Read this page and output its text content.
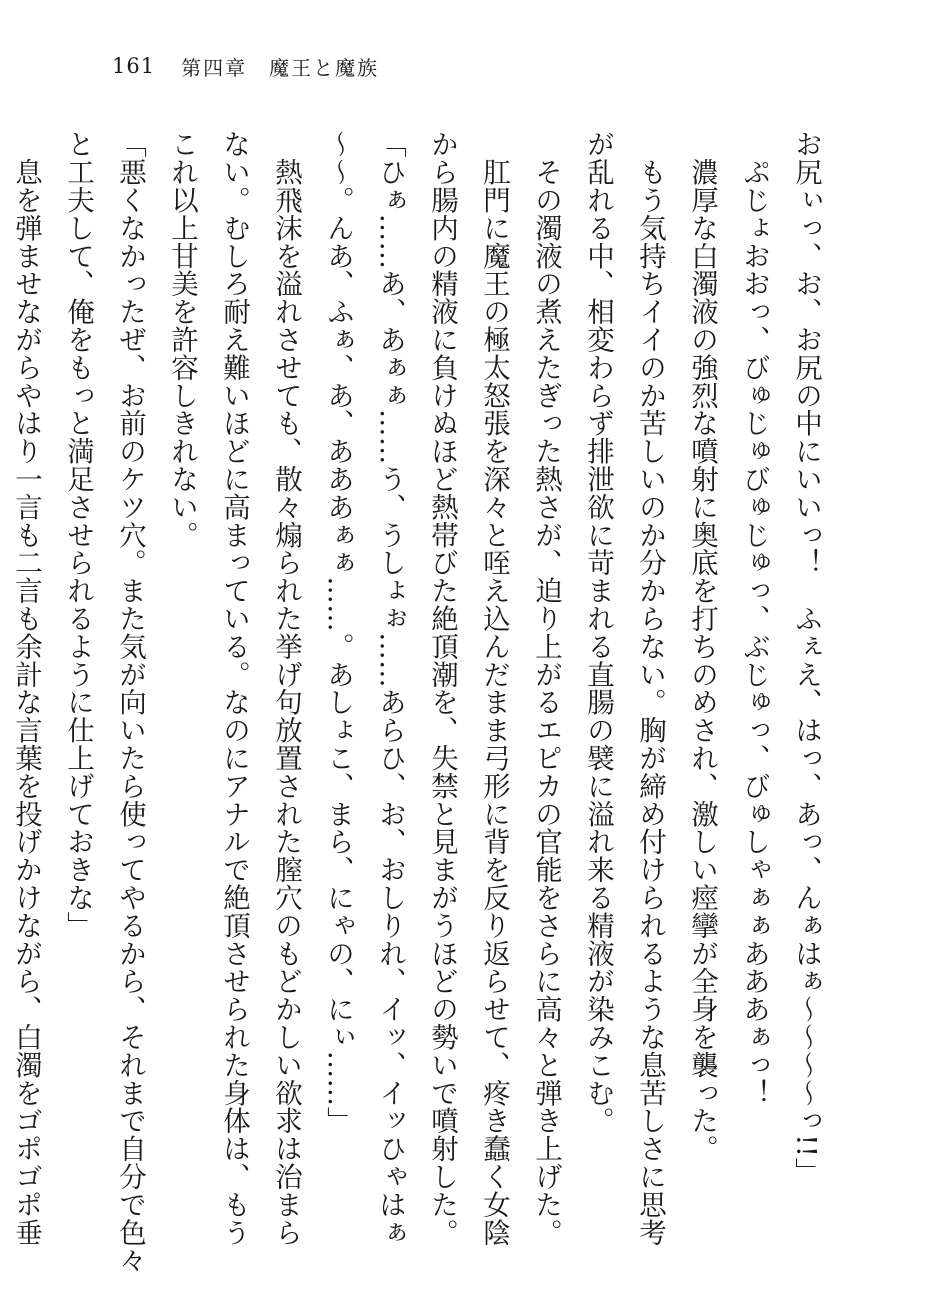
161 第四章　魔王と魔族

お尻ぃっ、お、お尻の中にいいっ！　ふぇえ、はっ、あっ、んぁはぁ〜〜〜〜っ!!」

　ぷじょおおっ、びゅじゅびゅじゅっ、ぶじゅっ、びゅしゃぁぁあああぁっ！

　濃厚な白濁液の強烈な噴射に奥底を打ちのめされ、激しい痙攣が全身を襲った。

　もう気持ちイイのか苦しいのか分からない。胸が締め付けられるような息苦しさに思考

が乱れる中、相変わらず排泄欲に苛まれる直腸の襞に溢れ来る精液が染みこむ。

　その濁液の煮えたぎった熱さが、迫り上がるエピカの官能をさらに高々と弾き上げた。

　肛門に魔王の極太怒張を深々と咥え込んだまま弓形に背を反り返らせて、疼き蠢く女陰

から腸内の精液に負けぬほど熱帯びた絶頂潮を、失禁と見まがうほどの勢いで噴射した。

「ひぁ……あ、あぁぁ……う、うしょぉ……あらひ、お、おしりれ、イッ、イッひゃはぁ

〜〜。んあ、ふぁ、あ、あああぁぁ……。あしょこ、まら、にゃの、にぃ……」

　熱飛沫を溢れさせても、散々煽られた挙げ句放置された膣穴のもどかしい欲求は治まら

ない。むしろ耐え難いほどに高まっている。なのにアナルで絶頂させられた身体は、もう

これ以上甘美を許容しきれない。

「悪くなかったぜ、お前のケツ穴。また気が向いたら使ってやるから、それまで自分で色々

と工夫して、俺をもっと満足させられるように仕上げておきな」

　息を弾ませながらやはり一言も二言も余計な言葉を投げかけながら、白濁をゴポゴポ垂
